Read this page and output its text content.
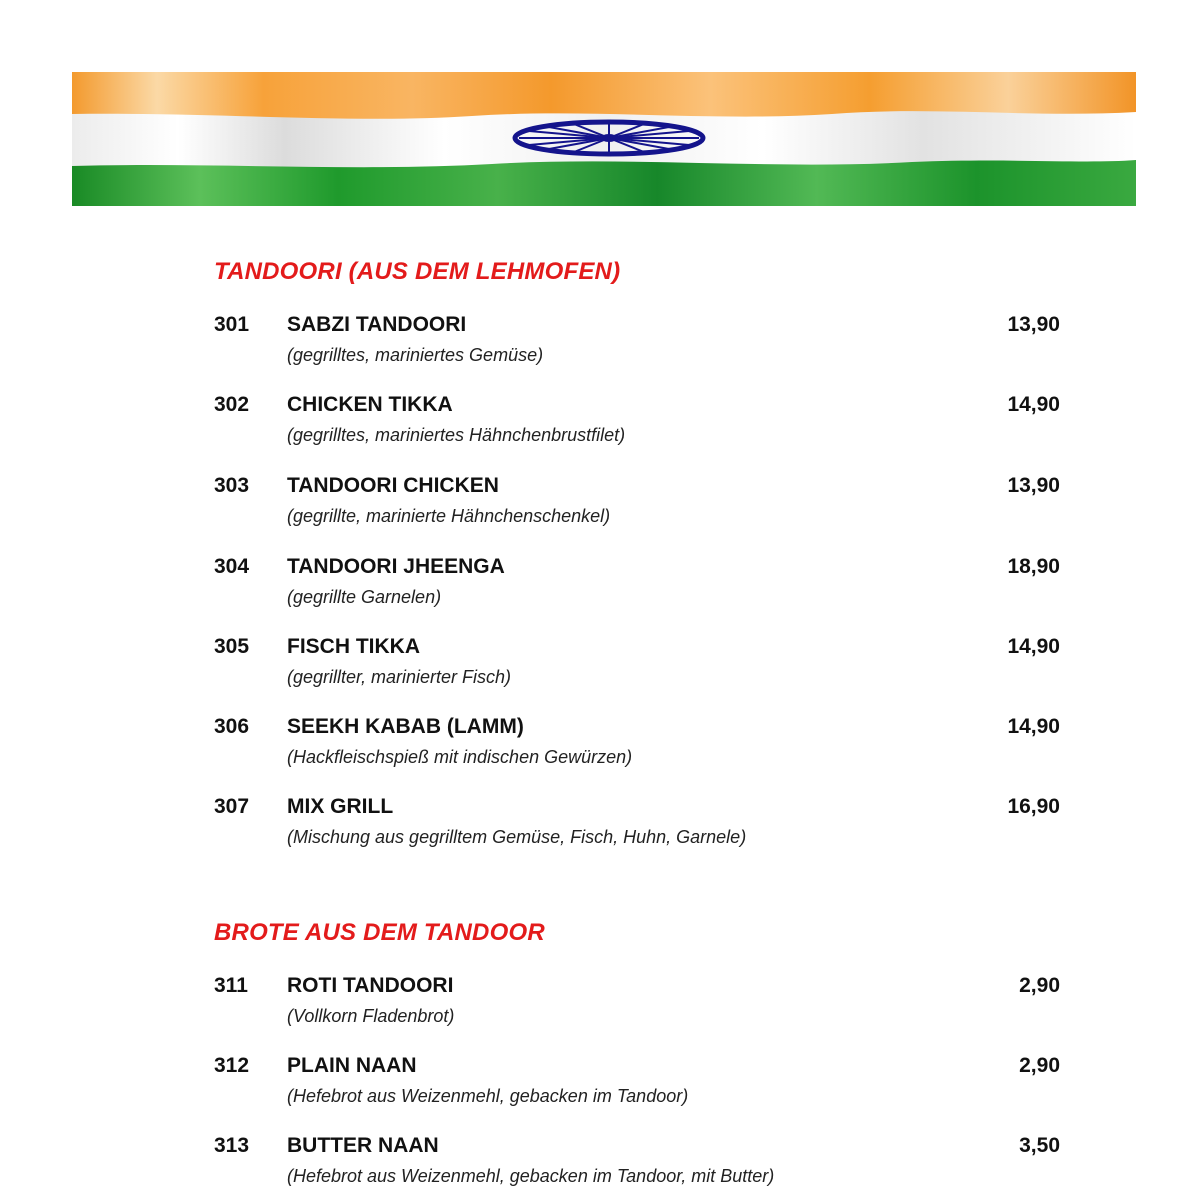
TANDOORI (AUS DEM LEHMOFEN)
301 SABZI TANDOORI	13,90
(gegrilltes, mariniertes Gemüse)
302 CHICKEN TIKKA	14,90
(gegrilltes, mariniertes Hähnchenbrustfilet)
303 TANDOORI CHICKEN	13,90
(gegrillte, marinierte Hähnchenschenkel)
304 TANDOORI JHEENGA	18,90
(gegrillte Garnelen)
305 FISCH TIKKA	14,90
(gegrillter, marinierter Fisch)
306 SEEKH KABAB (LAMM)	14,90
(Hackfleischspieß mit indischen Gewürzen)
307 MIX GRILL	16,90
(Mischung aus gegrilltem Gemüse, Fisch, Huhn, Garnele)
BROTE AUS DEM TANDOOR
311 ROTI TANDOORI	2,90
(Vollkorn Fladenbrot)
312 PLAIN NAAN	2,90
(Hefebrot aus Weizenmehl, gebacken im Tandoor)
313 BUTTER NAAN	3,50
(Hefebrot aus Weizenmehl, gebacken im Tandoor, mit Butter)
